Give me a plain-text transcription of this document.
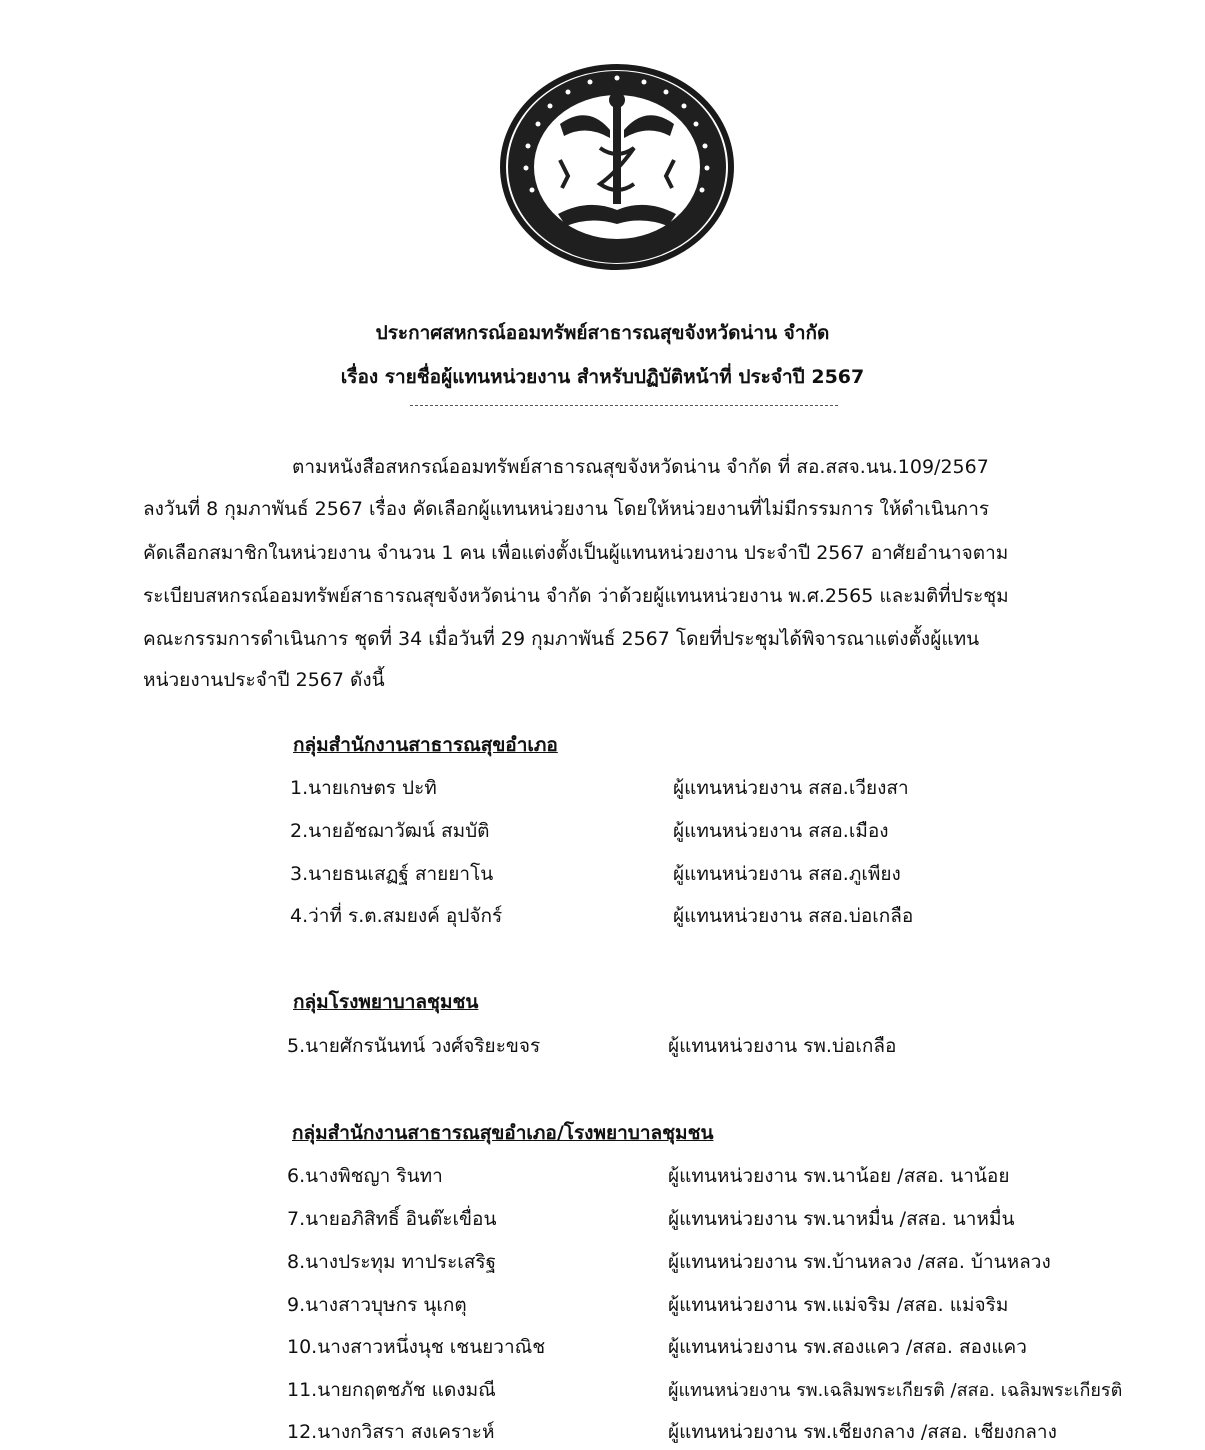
ประกาศสหกรณ์ออมทรัพย์สาธารณสุขจังหวัดน่าน จำกัด
เรื่อง รายชื่อผู้แทนหน่วยงาน สำหรับปฏิบัติหน้าที่ ประจำปี 2567
ตามหนังสือสหกรณ์ออมทรัพย์สาธารณสุขจังหวัดน่าน จำกัด ที่ สอ.สสจ.นน.109/2567
ลงวันที่ 8 กุมภาพันธ์ 2567 เรื่อง คัดเลือกผู้แทนหน่วยงาน โดยให้หน่วยงานที่ไม่มีกรรมการ ให้ดำเนินการ
คัดเลือกสมาชิกในหน่วยงาน จำนวน 1 คน เพื่อแต่งตั้งเป็นผู้แทนหน่วยงาน ประจำปี 2567 อาศัยอำนาจตาม
ระเบียบสหกรณ์ออมทรัพย์สาธารณสุขจังหวัดน่าน จำกัด ว่าด้วยผู้แทนหน่วยงาน พ.ศ.2565 และมติที่ประชุม
คณะกรรมการดำเนินการ ชุดที่ 34 เมื่อวันที่ 29 กุมภาพันธ์ 2567 โดยที่ประชุมได้พิจารณาแต่งตั้งผู้แทน
หน่วยงานประจำปี 2567 ดังนี้
กลุ่มสำนักงานสาธารณสุขอำเภอ
1.นายเกษตร ปะทิ	ผู้แทนหน่วยงาน สสอ.เวียงสา
2.นายอัชฌาวัฒน์ สมบัติ	ผู้แทนหน่วยงาน สสอ.เมือง
3.นายธนเสฏฐ์ สายยาโน	ผู้แทนหน่วยงาน สสอ.ภูเพียง
4.ว่าที่ ร.ต.สมยงค์ อุปจักร์	ผู้แทนหน่วยงาน สสอ.บ่อเกลือ
กลุ่มโรงพยาบาลชุมชน
5.นายศักรนันทน์ วงศ์จริยะขจร	ผู้แทนหน่วยงาน รพ.บ่อเกลือ
กลุ่มสำนักงานสาธารณสุขอำเภอ/โรงพยาบาลชุมชน
6.นางพิชญา รินทา	ผู้แทนหน่วยงาน รพ.นาน้อย /สสอ. นาน้อย
7.นายอภิสิทธิ์ อินต๊ะเขื่อน	ผู้แทนหน่วยงาน รพ.นาหมื่น /สสอ. นาหมื่น
8.นางประทุม ทาประเสริฐ	ผู้แทนหน่วยงาน รพ.บ้านหลวง /สสอ. บ้านหลวง
9.นางสาวบุษกร นุเกตุ	ผู้แทนหน่วยงาน รพ.แม่จริม /สสอ. แม่จริม
10.นางสาวหนึ่งนุช เชนยวาณิช	ผู้แทนหน่วยงาน รพ.สองแคว /สสอ. สองแคว
11.นายกฤตชภัช แดงมณี	ผู้แทนหน่วยงาน รพ.เฉลิมพระเกียรติ /สสอ. เฉลิมพระเกียรติ
12.นางกวิสรา สงเคราะห์	ผู้แทนหน่วยงาน รพ.เชียงกลาง /สสอ. เชียงกลาง
